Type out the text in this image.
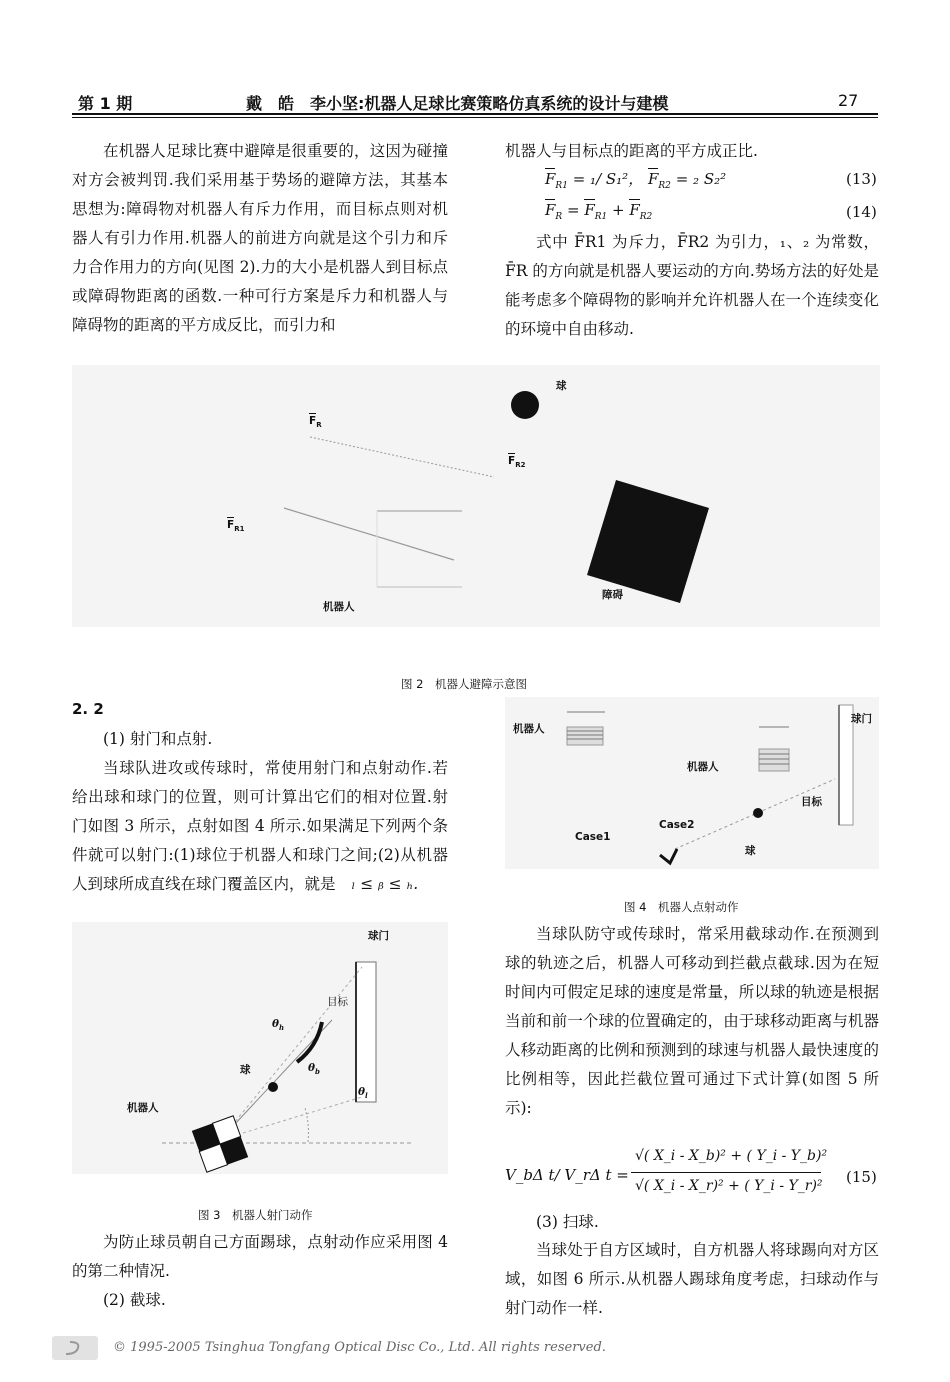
第 1 期	戴　皓　李小坚:机器人足球比赛策略仿真系统的设计与建模	27

在机器人足球比赛中避障是很重要的，这因为碰撞对方会被判罚.我们采用基于势场的避障方法，其基本思想为:障碍物对机器人有斥力作用，而目标点则对机器人有引力作用.机器人的前进方向就是这个引力和斥力合作用力的方向(见图 2).力的大小是机器人到目标点或障碍物距离的函数.一种可行方案是斥力和机器人与障碍物的距离的平方成反比，而引力和

机器人与目标点的距离的平方成正比.

$F_{R1} = _1/$ S₁²， $F_{R2} = _2$ S₂²	(13)
$F_R = F_{R1} + F_{R2}$	(14)

式中 F̄R1 为斥力，F̄R2 为引力，₁、₂ 为常数，F̄R 的方向就是机器人要运动的方向.势场方法的好处是能考虑多个障碍物的影响并允许机器人在一个连续变化的环境中自由移动.

球
$F_R$
$F_{R2}$
$F_{R1}$
机器人
障碍
图 2　机器人避障示意图
2. 2

(1) 射门和点射.

当球队进攻或传球时，常使用射门和点射动作.若给出球和球门的位置，则可计算出它们的相对位置.射门如图 3 所示，点射如图 4 所示.如果满足下列两个条件就可以射门:(1)球位于机器人和球门之间;(2)从机器人到球所成直线在球门覆盖区内，就是 ₗ ≤ ᵦ ≤ ₕ.

球门
目标
$\theta_h$
$\theta_b$
$\theta_l$
球
机器人
图 3　机器人射门动作

为防止球员朝自己方面踢球，点射动作应采用图 4 的第二种情况.

(2) 截球.

机器人
球门
机器人
目标
Case1
Case2
球
图 4　机器人点射动作

当球队防守或传球时，常采用截球动作.在预测到球的轨迹之后，机器人可移动到拦截点截球.因为在短时间内可假定足球的速度是常量，所以球的轨迹是根据当前和前一个球的位置确定的，由于球移动距离与机器人移动距离的比例和预测到的球速与机器人最快速度的比例相等，因此拦截位置可通过下式计算(如图 5 所示):

V_bΔ t/ V_rΔ t =
√( X_i - X_b)² + ( Y_i - Y_b)²
√( X_i - X_r)² + ( Y_i - Y_r)² (15)

(3) 扫球.

当球处于自方区域时，自方机器人将球踢向对方区域，如图 6 所示.从机器人踢球角度考虑，扫球动作与射门动作一样.

© 1995-2005 Tsinghua Tongfang Optical Disc Co., Ltd. All rights reserved.
